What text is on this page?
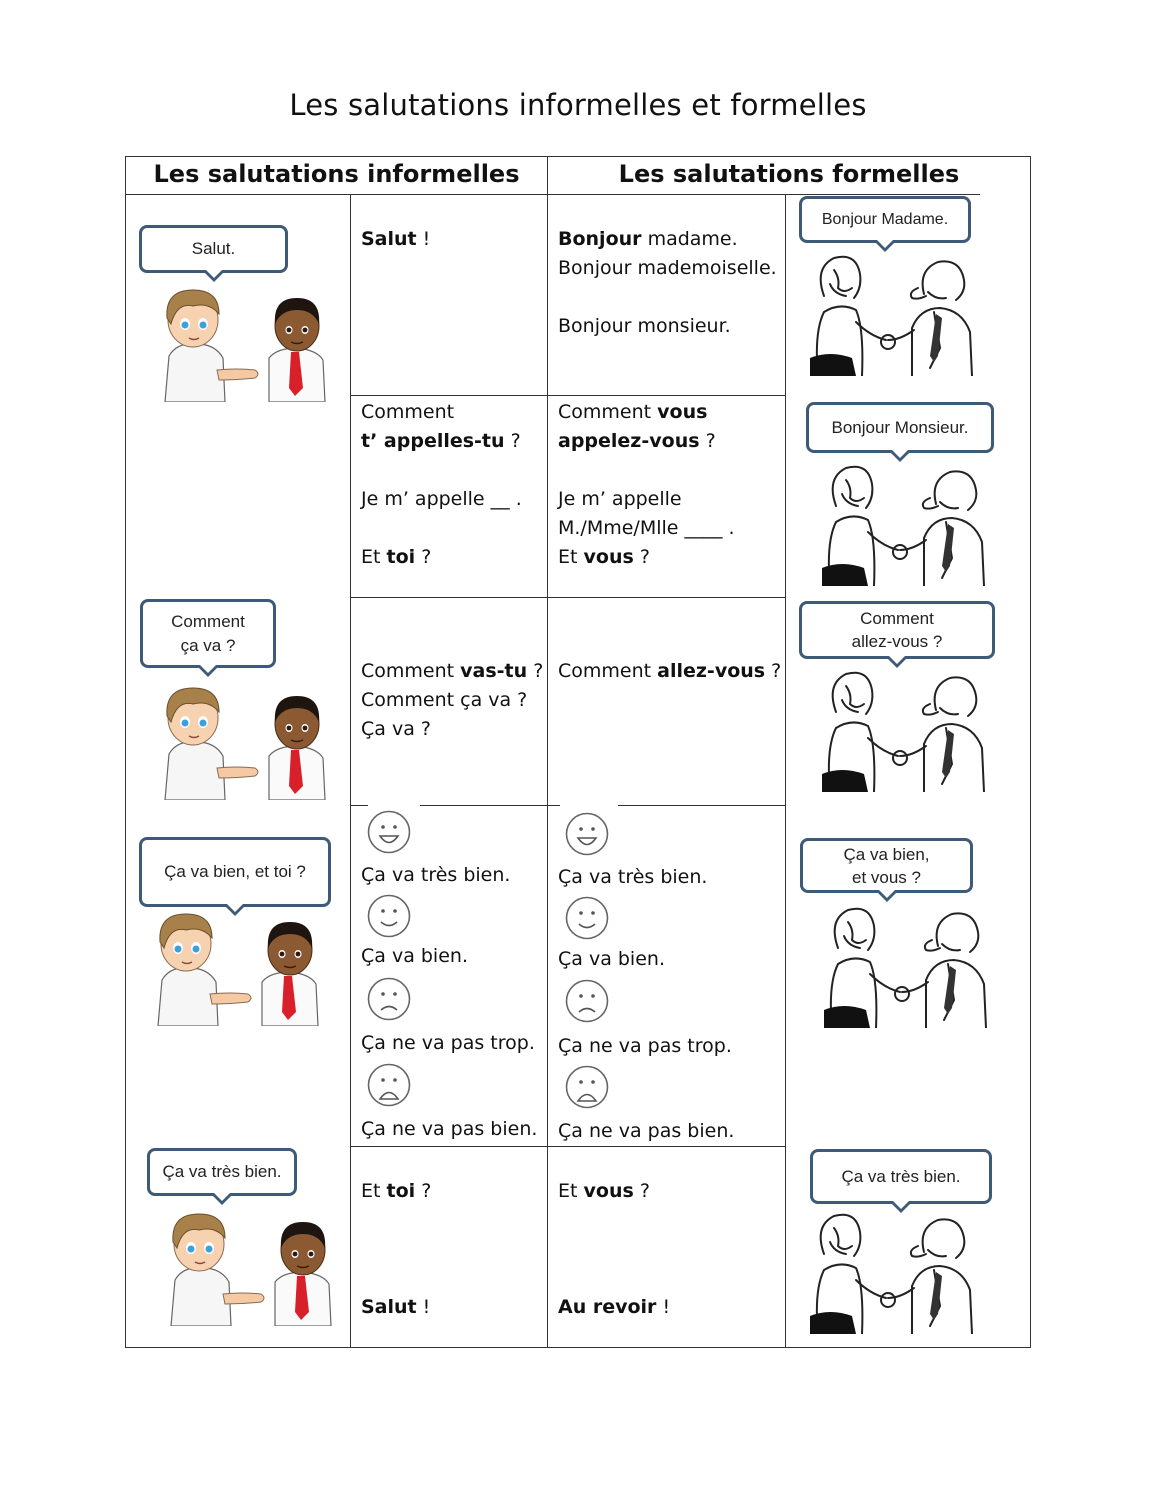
Les salutations informelles et formelles
Les salutations informelles	Les salutations formelles
Salut !	Bonjour madame.
Bonjour mademoiselle.
Bonjour monsieur.
Comment
t’ appelles-tu ?
Je m’ appelle __ .
Et toi ?
Comment vous
appelez-vous ?
Je m’ appelle
M./Mme/Mlle ____ .
Et vous ?
Comment vas-tu ?
Comment ça va ?
Ça va ?
Comment allez-vous ?
Ça va très bien.
Ça va bien.
Ça ne va pas trop.
Ça ne va pas bien.
Ça va très bien.
Ça va bien.
Ça ne va pas trop.
Ça ne va pas bien.
Et toi ?
Salut !
Et vous ?
Au revoir !
Salut.
Comment
ça va ?
Ça va bien, et toi ?
Ça va très bien.
Bonjour Madame.
Bonjour Monsieur.
Comment
allez-vous ?
Ça va bien,
et vous ?
Ça va très bien.
